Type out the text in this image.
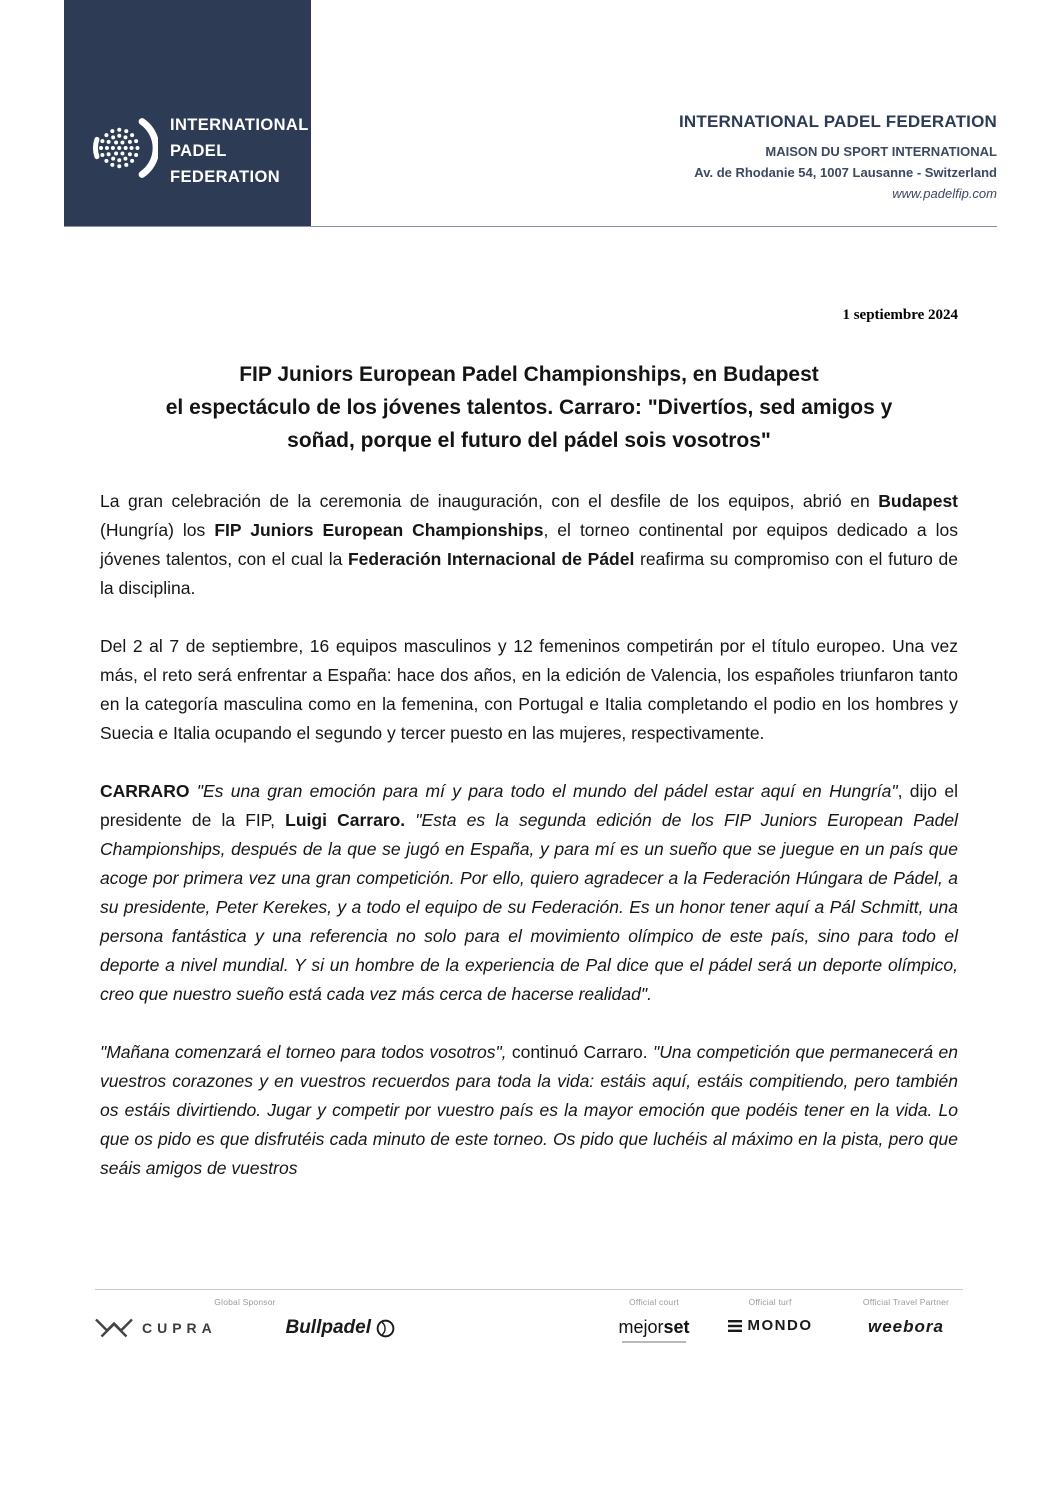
INTERNATIONAL
PADEL
FEDERATION
INTERNATIONAL PADEL FEDERATION
MAISON DU SPORT INTERNATIONAL
Av. de Rhodanie 54, 1007 Lausanne - Switzerland
www.padelfip.com
1 septiembre 2024
FIP Juniors European Padel Championships, en Budapest
el espectáculo de los jóvenes talentos. Carraro: "Divertíos, sed amigos y
soñad, porque el futuro del pádel sois vosotros"

La gran celebración de la ceremonia de inauguración, con el desfile de los equipos, abrió en Budapest (Hungría) los FIP Juniors European Championships, el torneo continental por equipos dedicado a los jóvenes talentos, con el cual la Federación Internacional de Pádel reafirma su compromiso con el futuro de la disciplina.

Del 2 al 7 de septiembre, 16 equipos masculinos y 12 femeninos competirán por el título europeo. Una vez más, el reto será enfrentar a España: hace dos años, en la edición de Valencia, los españoles triunfaron tanto en la categoría masculina como en la femenina, con Portugal e Italia completando el podio en los hombres y Suecia e Italia ocupando el segundo y tercer puesto en las mujeres, respectivamente.

CARRARO "Es una gran emoción para mí y para todo el mundo del pádel estar aquí en Hungría", dijo el presidente de la FIP, Luigi Carraro. "Esta es la segunda edición de los FIP Juniors European Padel Championships, después de la que se jugó en España, y para mí es un sueño que se juegue en un país que acoge por primera vez una gran competición. Por ello, quiero agradecer a la Federación Húngara de Pádel, a su presidente, Peter Kerekes, y a todo el equipo de su Federación. Es un honor tener aquí a Pál Schmitt, una persona fantástica y una referencia no solo para el movimiento olímpico de este país, sino para todo el deporte a nivel mundial. Y si un hombre de la experiencia de Pal dice que el pádel será un deporte olímpico, creo que nuestro sueño está cada vez más cerca de hacerse realidad".

"Mañana comenzará el torneo para todos vosotros", continuó Carraro. "Una competición que permanecerá en vuestros corazones y en vuestros recuerdos para toda la vida: estáis aquí, estáis compitiendo, pero también os estáis divirtiendo. Jugar y competir por vuestro país es la mayor emoción que podéis tener en la vida. Lo que os pido es que disfrutéis cada minuto de este torneo. Os pido que luchéis al máximo en la pista, pero que seáis amigos de vuestros

Global Sponsor
CUPRA	Bullpadel
Official court
mejorset
Official turf
MONDO
Official Travel Partner
weebora
